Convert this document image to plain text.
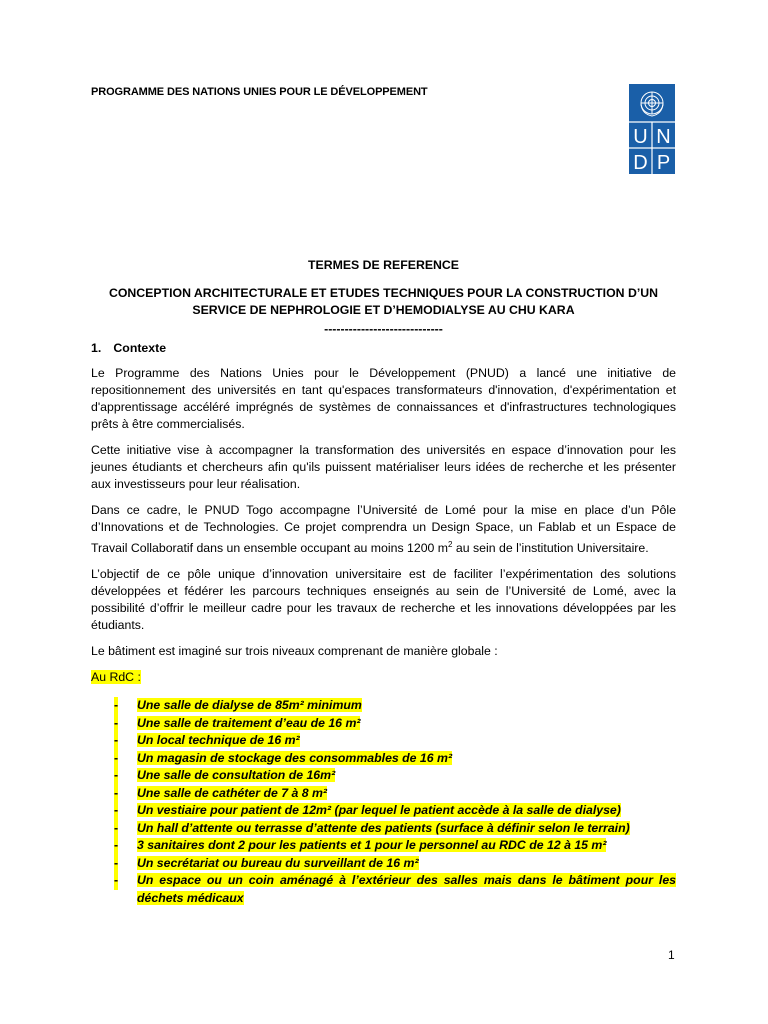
PROGRAMME DES NATIONS UNIES POUR LE DÉVELOPPEMENT
U N
D P
TERMES DE REFERENCE
CONCEPTION ARCHITECTURALE ET ETUDES TECHNIQUES POUR LA CONSTRUCTION D’UN SERVICE DE NEPHROLOGIE ET D’HEMODIALYSE AU CHU KARA
-----------------------------
1. Contexte

Le Programme des Nations Unies pour le Développement (PNUD) a lancé une initiative de repositionnement des universités en tant qu'espaces transformateurs d'innovation, d'expérimentation et d'apprentissage accéléré imprégnés de systèmes de connaissances et d'infrastructures technologiques prêts à être commercialisés.

Cette initiative vise à accompagner la transformation des universités en espace d’innovation pour les jeunes étudiants et chercheurs afin qu'ils puissent matérialiser leurs idées de recherche et les présenter aux investisseurs pour leur réalisation.

Dans ce cadre, le PNUD Togo accompagne l’Université de Lomé pour la mise en place d’un Pôle d’Innovations et de Technologies. Ce projet comprendra un Design Space, un Fablab et un Espace de Travail Collaboratif dans un ensemble occupant au moins 1200 $m^2$ au sein de l’institution Universitaire.

L’objectif de ce pôle unique d’innovation universitaire est de faciliter l’expérimentation des solutions développées et fédérer les parcours techniques enseignés au sein de l’Université de Lomé, avec la possibilité d’offrir le meilleur cadre pour les travaux de recherche et les innovations développées par les étudiants.

Le bâtiment est imaginé sur trois niveaux comprenant de manière globale :

Au RdC :
- Une salle de dialyse de 85m² minimum
- Une salle de traitement d’eau de 16 m²
- Un local technique de 16 m²
- Un magasin de stockage des consommables de 16 m²
- Une salle de consultation de 16m²
- Une salle de cathéter de 7 à 8 m²
- Un vestiaire pour patient de 12m² (par lequel le patient accède à la salle de dialyse)
- Un hall d’attente ou terrasse d’attente des patients (surface à définir selon le terrain)
- 3 sanitaires dont 2 pour les patients et 1 pour le personnel au RDC de 12 à 15 m²
- Un secrétariat ou bureau du surveillant de 16 m²
- Un espace ou un coin aménagé à l’extérieur des salles mais dans le bâtiment pour les déchets médicaux
1
